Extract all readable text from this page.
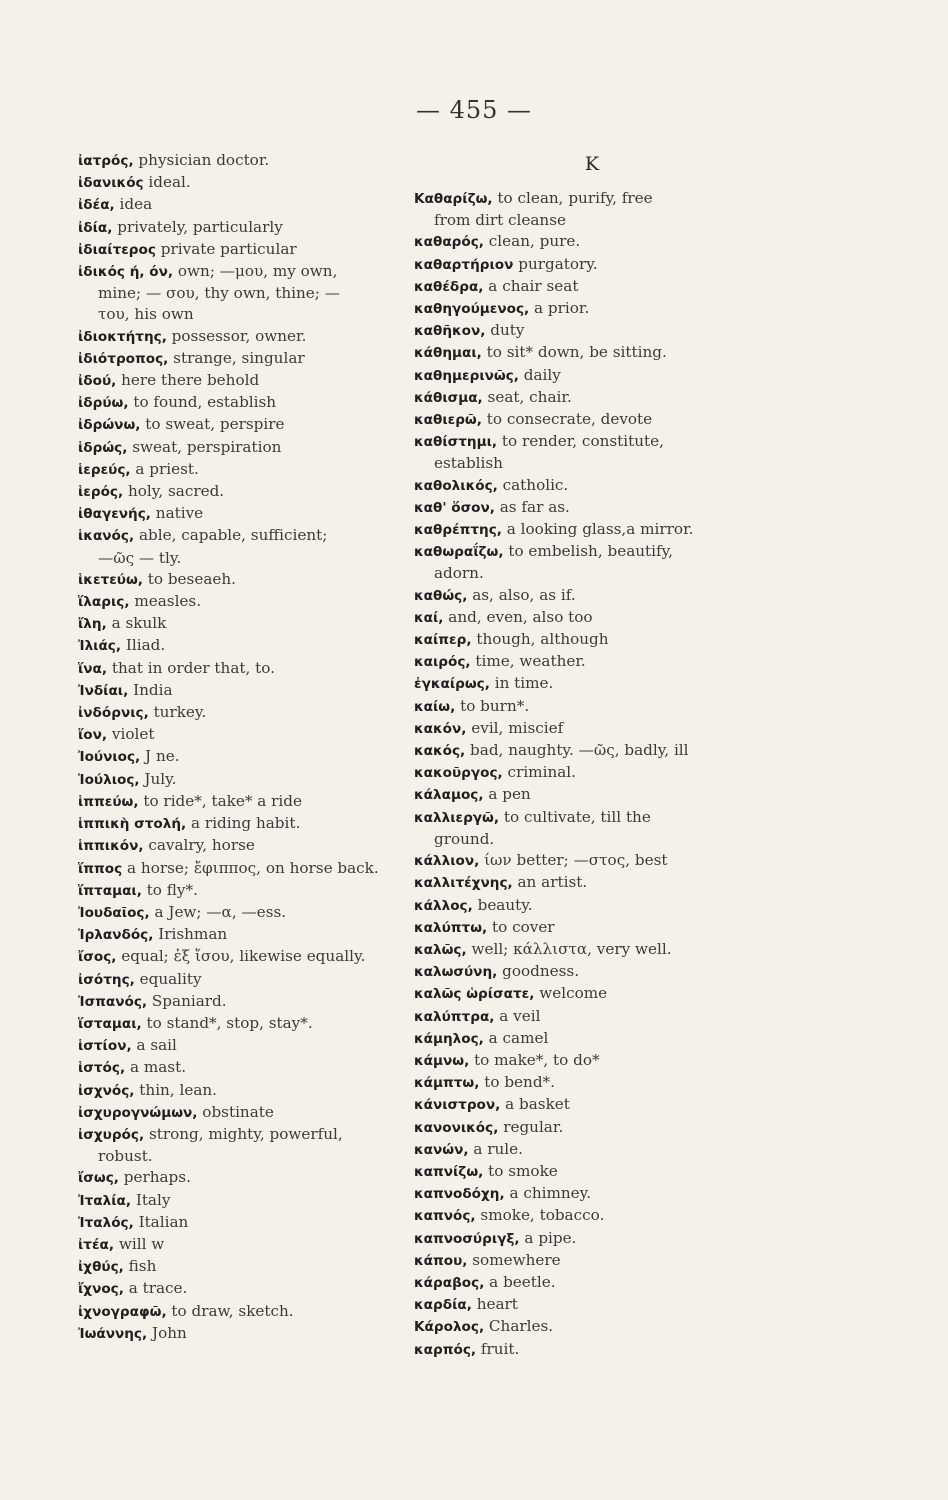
— 455 —
ἰατρός, physician doctor.
ἰδανικός ideal.
ἰδέα, idea
ἰδία, privately, particularly
ἰδιαίτερος private particular
ἰδικός ή, όν, own; —μου, my own,
mine; — σου, thy own, thine; —
του, his own
ἰδιοκτήτης, possessor, owner.
ἰδιότροπος, strange, singular
ἰδού, here there behold
ἰδρύω, to found, establish
ἰδρώνω, to sweat, perspire
ἱδρώς, sweat, perspiration
ἱερεύς, a priest.
ἱερός, holy, sacred.
ἰθαγενής, native
ἱκανός, able, capable, sufficient;
—ῶς — tly.
ἱκετεύω, to beseaeh.
ἵλαρις, measles.
ἴλη, a skulk
Ἰλιάς, Iliad.
ἵνα, that in order that, to.
Ἰνδίαι, India
ἰνδόρνις, turkey.
ἴον, violet
Ἰούνιος, J ne.
Ἰούλιος, July.
ἱππεύω, to ride*, take* a ride
ἱππικὴ στολή, a riding habit.
ἱππικόν, cavalry, horse
ἵππος a horse; ἔφιππος, on horse back.
ἵπταμαι, to fly*.
Ἰουδαῖος, a Jew; —α, —ess.
Ἰρλανδός, Irishman
ἴσος, equal; ἐξ ἴσου, likewise equally.
ἰσότης, equality
Ἰσπανός, Spaniard.
ἵσταμαι, to stand*, stop, stay*.
ἱστίον, a sail
ἱστός, a mast.
ἰσχνός, thin, lean.
ἰσχυρογνώμων, obstinate
ἰσχυρός, strong, mighty, powerful,
robust.
ἴσως, perhaps.
Ἰταλία, Italy
Ἰταλός, Italian
ἰτέα, will w
ἰχθύς, fish
ἴχνος, a trace.
ἰχνογραφῶ, to draw, sketch.
Ἰωάννης, John
K
Καθαρίζω, to clean, purify, free
from dirt cleanse
καθαρός, clean, pure.
καθαρτήριον purgatory.
καθέδρα, a chair seat
καθηγούμενος, a prior.
καθῆκον, duty
κάθημαι, to sit* down, be sitting.
καθημερινῶς, daily
κάθισμα, seat, chair.
καθιερῶ, to consecrate, devote
καθίστημι, to render, constitute,
establish
καθολικός, catholic.
καθ' ὅσον, as far as.
καθρέπτης, a looking glass,a mirror.
καθωραΐζω, to embelish, beautify,
adorn.
καθώς, as, also, as if.
καί, and, even, also too
καίπερ, though, although
καιρός, time, weather.
ἐγκαίρως, in time.
καίω, to burn*.
κακόν, evil, miscief
κακός, bad, naughty. —ῶς, badly, ill
κακοῦργος, criminal.
κάλαμος, a pen
καλλιεργῶ, to cultivate, till the
ground.
κάλλιον, ίων better; —στος, best
καλλιτέχνης, an artist.
κάλλος, beauty.
καλύπτω, to cover
καλῶς, well; κάλλιστα, very well.
καλωσύνη, goodness.
καλῶς ὡρίσατε, welcome
καλύπτρα, a veil
κάμηλος, a camel
κάμνω, to make*, to do*
κάμπτω, to bend*.
κάνιστρον, a basket
κανονικός, regular.
κανών, a rule.
καπνίζω, to smoke
καπνοδόχη, a chimney.
καπνός, smoke, tobacco.
καπνοσύριγξ, a pipe.
κάπου, somewhere
κάραβος, a beetle.
καρδία, heart
Κάρολος, Charles.
καρπός, fruit.
